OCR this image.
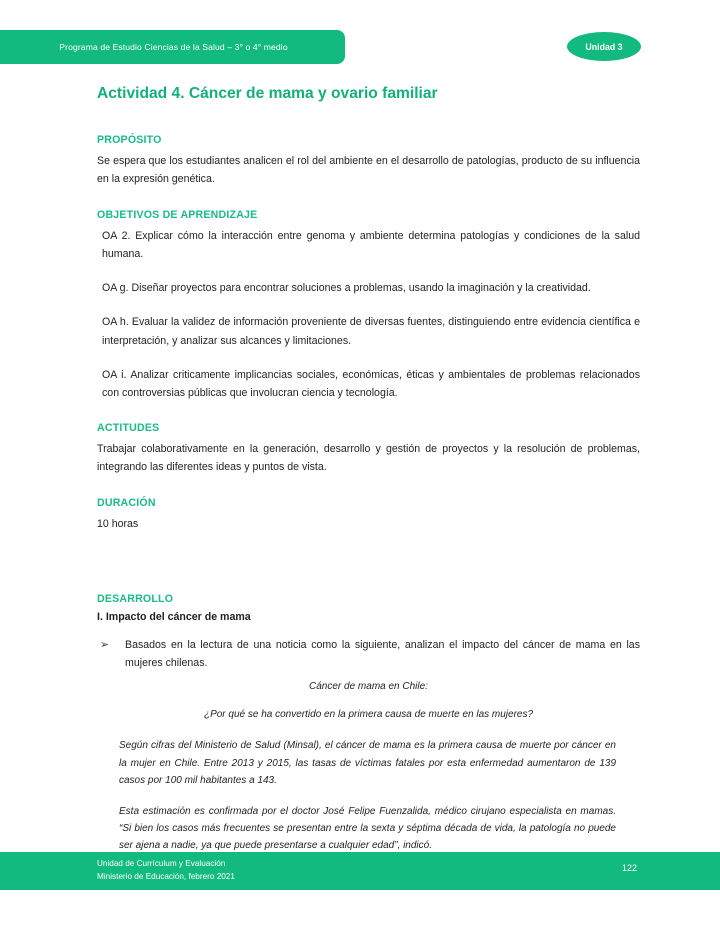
Programa de Estudio Ciencias de la Salud – 3° o 4° medio	Unidad 3
Actividad 4. Cáncer de mama y ovario familiar
PROPÓSITO

Se espera que los estudiantes analicen el rol del ambiente en el desarrollo de patologías, producto de su influencia en la expresión genética.

OBJETIVOS DE APRENDIZAJE

OA 2. Explicar cómo la interacción entre genoma y ambiente determina patologías y condiciones de la salud humana.

OA g. Diseñar proyectos para encontrar soluciones a problemas, usando la imaginación y la creatividad.

OA h. Evaluar la validez de información proveniente de diversas fuentes, distinguiendo entre evidencia científica e interpretación, y analizar sus alcances y limitaciones.

OA i. Analizar criticamente implicancias sociales, económicas, éticas y ambientales de problemas relacionados con controversias públicas que involucran ciencia y tecnología.

ACTITUDES

Trabajar colaborativamente en la generación, desarrollo y gestión de proyectos y la resolución de problemas, integrando las diferentes ideas y puntos de vista.

DURACIÓN

10 horas

DESARROLLO
I. Impacto del cáncer de mama
➢	Basados en la lectura de una noticia como la siguiente, analizan el impacto del cáncer de mama en las mujeres chilenas.

Cáncer de mama en Chile:

¿Por qué se ha convertido en la primera causa de muerte en las mujeres?

Según cifras del Ministerio de Salud (Minsal), el cáncer de mama es la primera causa de muerte por cáncer en la mujer en Chile. Entre 2013 y 2015, las tasas de víctimas fatales por esta enfermedad aumentaron de 139 casos por 100 mil habitantes a 143.

Esta estimación es confirmada por el doctor José Felipe Fuenzalida, médico cirujano especialista en mamas. “Si bien los casos más frecuentes se presentan entre la sexta y séptima década de vida, la patología no puede ser ajena a nadie, ya que puede presentarse a cualquier edad”, indicó.

Unidad de Currículum y Evaluación
Ministerio de Educación, febrero 2021
122
